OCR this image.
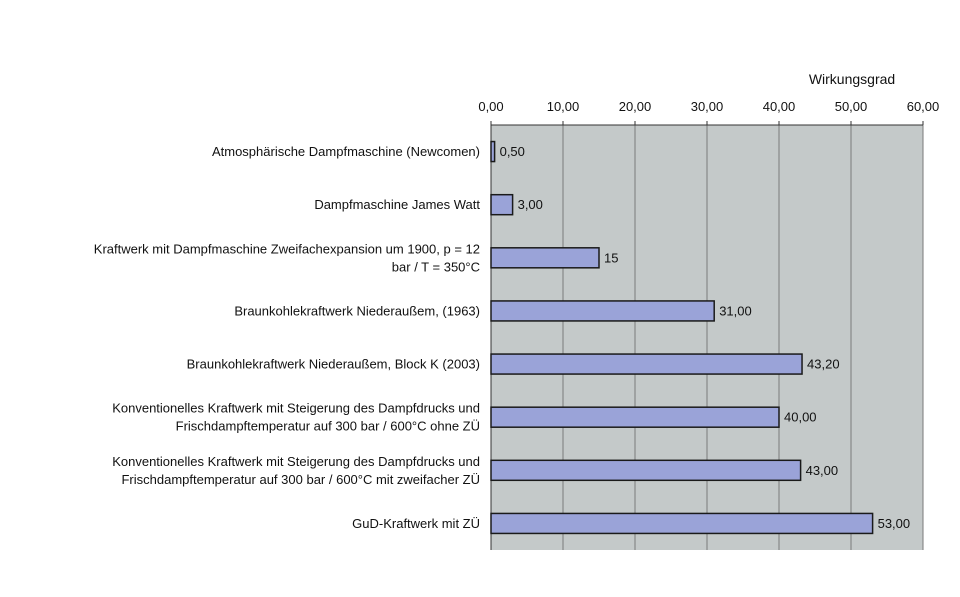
0,00	10,00	20,00	30,00	40,00	50,00	60,00
Wirkungsgrad
Atmosphärische Dampfmaschine (Newcomen)
Dampfmaschine James Watt
Kraftwerk mit Dampfmaschine Zweifachexpansion um 1900, p = 12 bar / T = 350°C
Braunkohlekraftwerk Niederaußem, (1963)
Braunkohlekraftwerk Niederaußem, Block K (2003)
Konventionelles Kraftwerk mit Steigerung des Dampfdrucks und Frischdampftemperatur auf 300 bar / 600°C ohne ZÜ
Konventionelles Kraftwerk mit Steigerung des Dampfdrucks und Frischdampftemperatur auf 300 bar / 600°C mit zweifacher ZÜ
GuD-Kraftwerk mit ZÜ
0,50
3,00
15
31,00
43,20
40,00
43,00
53,00
